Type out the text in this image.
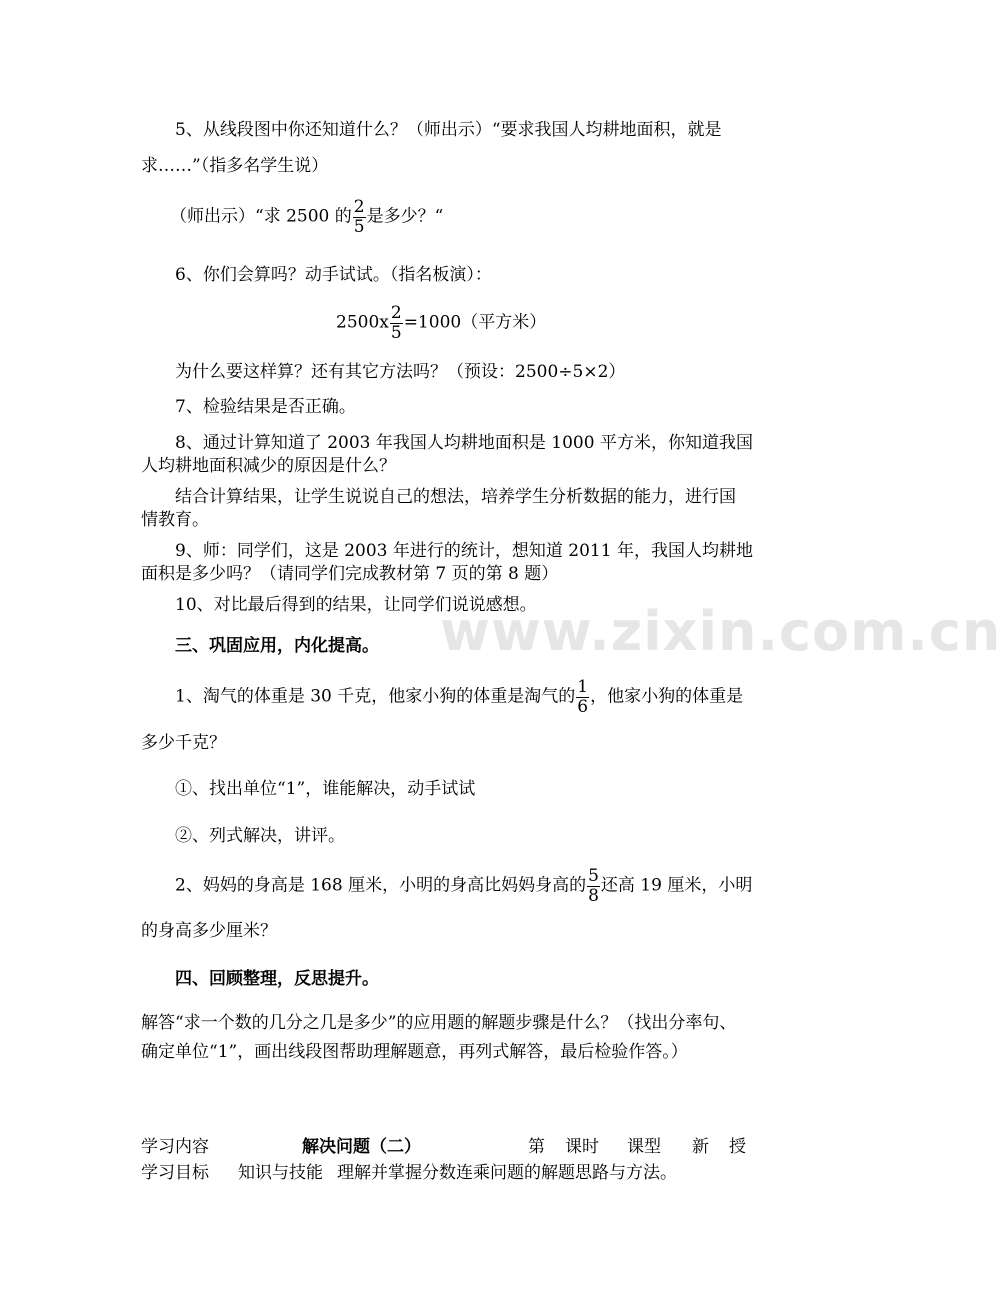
www.zixin.com.cn
5、从线段图中你还知道什么？（师出示）“要求我国人均耕地面积，就是
求……”（指多名学生说）
（师出示）“求 2500 的 $\frac{2}{5}$ 是多少？“
6、你们会算吗？动手试试。（指名板演）：
$2500x \frac{2}{5} =1000$（平方米）
为什么要这样算？还有其它方法吗？（预设：2500÷5×2）
7、检验结果是否正确。
8、通过计算知道了 2003 年我国人均耕地面积是 1000 平方米，你知道我国
人均耕地面积减少的原因是什么？
结合计算结果，让学生说说自己的想法，培养学生分析数据的能力，进行国
情教育。
9、师：同学们，这是 2003 年进行的统计，想知道 2011 年，我国人均耕地
面积是多少吗？（请同学们完成教材第 7 页的第 8 题）
10、对比最后得到的结果，让同学们说说感想。
三、巩固应用，内化提高。
1、淘气的体重是 30 千克，他家小狗的体重是淘气的 $\frac{1}{6}$ ，他家小狗的体重是
多少千克？
①、找出单位“1”，谁能解决，动手试试
②、列式解决，讲评。
2、妈妈的身高是 168 厘米，小明的身高比妈妈身高的 $\frac{5}{8}$ 还高 19 厘米，小明
的身高多少厘米？
四、回顾整理，反思提升。
解答“求一个数的几分之几是多少”的应用题的解题步骤是什么？（找出分率句、
确定单位“1”，画出线段图帮助理解题意，再列式解答，最后检验作答。）
学习内容	解决问题（二）	第 课时 课型 新 授
学习目标 知识与技能 理解并掌握分数连乘问题的解题思路与方法。
